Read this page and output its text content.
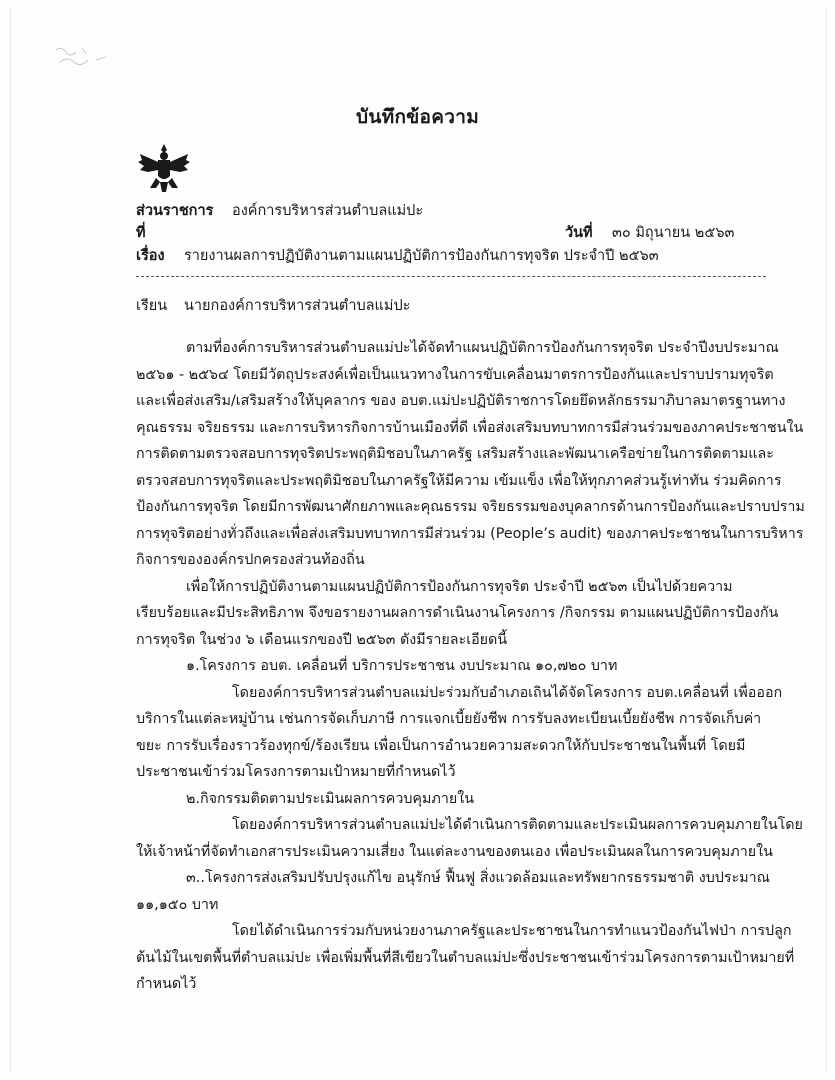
บันทึกข้อความ
ส่วนราชการ องค์การบริหารส่วนตำบลแม่ปะ
ที่	วันที่ ๓๐ มิถุนายน ๒๕๖๓
เรื่อง รายงานผลการปฏิบัติงานตามแผนปฏิบัติการป้องกันการทุจริต ประจำปี ๒๕๖๓
เรียน นายกองค์การบริหารส่วนตำบลแม่ปะ
ตามที่องค์การบริหารส่วนตำบลแม่ปะได้จัดทำแผนปฏิบัติการป้องกันการทุจริต ประจำปีงบประมาณ
๒๕๖๑ - ๒๕๖๔ โดยมีวัตถุประสงค์เพื่อเป็นแนวทางในการขับเคลื่อนมาตรการป้องกันและปราบปรามทุจริต
และเพื่อส่งเสริม/เสริมสร้างให้บุคลากร ของ อบต.แม่ปะปฏิบัติราชการโดยยึดหลักธรรมาภิบาลมาตรฐานทาง
คุณธรรม จริยธรรม และการบริหารกิจการบ้านเมืองที่ดี เพื่อส่งเสริมบทบาทการมีส่วนร่วมของภาคประชาชนใน
การติดตามตรวจสอบการทุจริตประพฤติมิชอบในภาครัฐ เสริมสร้างและพัฒนาเครือข่ายในการติดตามและ
ตรวจสอบการทุจริตและประพฤติมิชอบในภาครัฐให้มีความ เข้มแข็ง เพื่อให้ทุกภาคส่วนรู้เท่าทัน ร่วมคิดการ
ป้องกันการทุจริต โดยมีการพัฒนาศักยภาพและคุณธรรม จริยธรรมของบุคลากรด้านการป้องกันและปราบปราม
การทุจริตอย่างทั่วถึงและเพื่อส่งเสริมบทบาทการมีส่วนร่วม (People’s audit) ของภาคประชาชนในการบริหาร
กิจการขององค์กรปกครองส่วนท้องถิ่น
เพื่อให้การปฏิบัติงานตามแผนปฏิบัติการป้องกันการทุจริต ประจำปี ๒๕๖๓ เป็นไปด้วยความ
เรียบร้อยและมีประสิทธิภาพ จึงขอรายงานผลการดำเนินงานโครงการ /กิจกรรม ตามแผนปฏิบัติการป้องกัน
การทุจริต ในช่วง ๖ เดือนแรกของปี ๒๕๖๓ ดังมีรายละเอียดนี้
๑.โครงการ อบต. เคลื่อนที่ บริการประชาชน งบประมาณ ๑๐,๗๒๐ บาท
โดยองค์การบริหารส่วนตำบลแม่ปะร่วมกับอำเภอเถินได้จัดโครงการ อบต.เคลื่อนที่ เพื่อออก
บริการในแต่ละหมู่บ้าน เช่นการจัดเก็บภาษี การแจกเบี้ยยังชีพ การรับลงทะเบียนเบี้ยยังชีพ การจัดเก็บค่า
ขยะ การรับเรื่องราวร้องทุกข์/ร้องเรียน เพื่อเป็นการอำนวยความสะดวกให้กับประชาชนในพื้นที่ โดยมี
ประชาชนเข้าร่วมโครงการตามเป้าหมายที่กำหนดไว้
๒.กิจกรรมติดตามประเมินผลการควบคุมภายใน
โดยองค์การบริหารส่วนตำบลแม่ปะได้ดำเนินการติดตามและประเมินผลการควบคุมภายในโดย
ให้เจ้าหน้าที่จัดทำเอกสารประเมินความเสี่ยง ในแต่ละงานของตนเอง เพื่อประเมินผลในการควบคุมภายใน
๓..โครงการส่งเสริมปรับปรุงแก้ไข อนุรักษ์ ฟื้นฟู สิ่งแวดล้อมและทรัพยากรธรรมชาติ งบประมาณ
๑๑,๑๕๐ บาท
โดยได้ดำเนินการร่วมกับหน่วยงานภาครัฐและประชาชนในการทำแนวป้องกันไฟป่า การปลูก
ต้นไม้ในเขตพื้นที่ตำบลแม่ปะ เพื่อเพิ่มพื้นที่สีเขียวในตำบลแม่ปะซึ่งประชาชนเข้าร่วมโครงการตามเป้าหมายที่
กำหนดไว้
